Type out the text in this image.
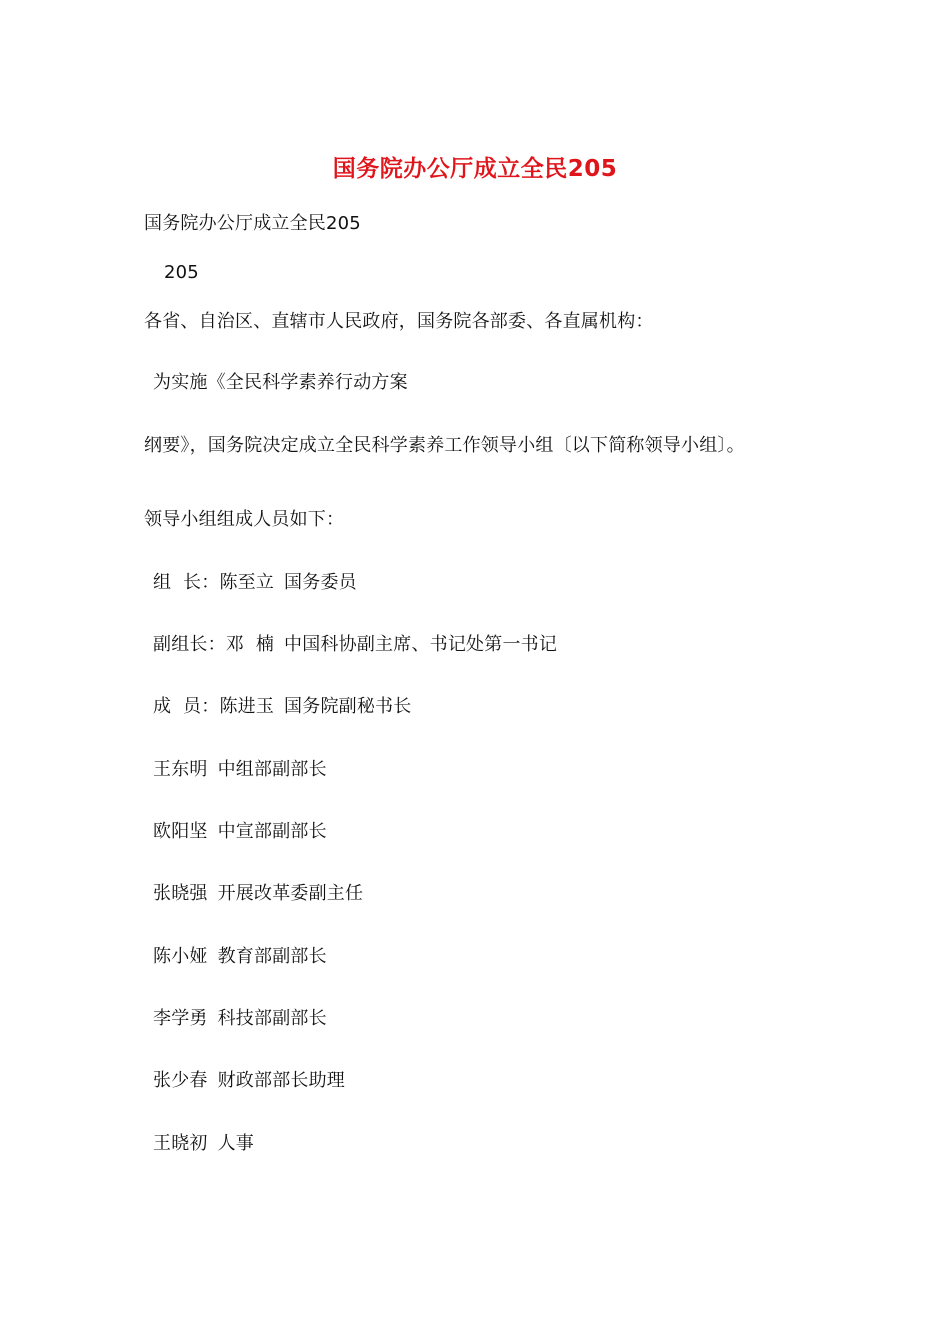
国务院办公厅成立全民205
国务院办公厅成立全民205
205
各省、自治区、直辖市人民政府，国务院各部委、各直属机构：
为实施《全民科学素养行动方案
纲要》，国务院决定成立全民科学素养工作领导小组〔以下简称领导小组〕。
领导小组组成人员如下：
组  长：陈至立 国务委员
副组长：邓  楠 中国科协副主席、书记处第一书记
成  员：陈进玉 国务院副秘书长
王东明 中组部副部长
欧阳坚 中宣部副部长
张晓强 开展改革委副主任
陈小娅 教育部副部长
李学勇 科技部副部长
张少春 财政部部长助理
王晓初 人事
